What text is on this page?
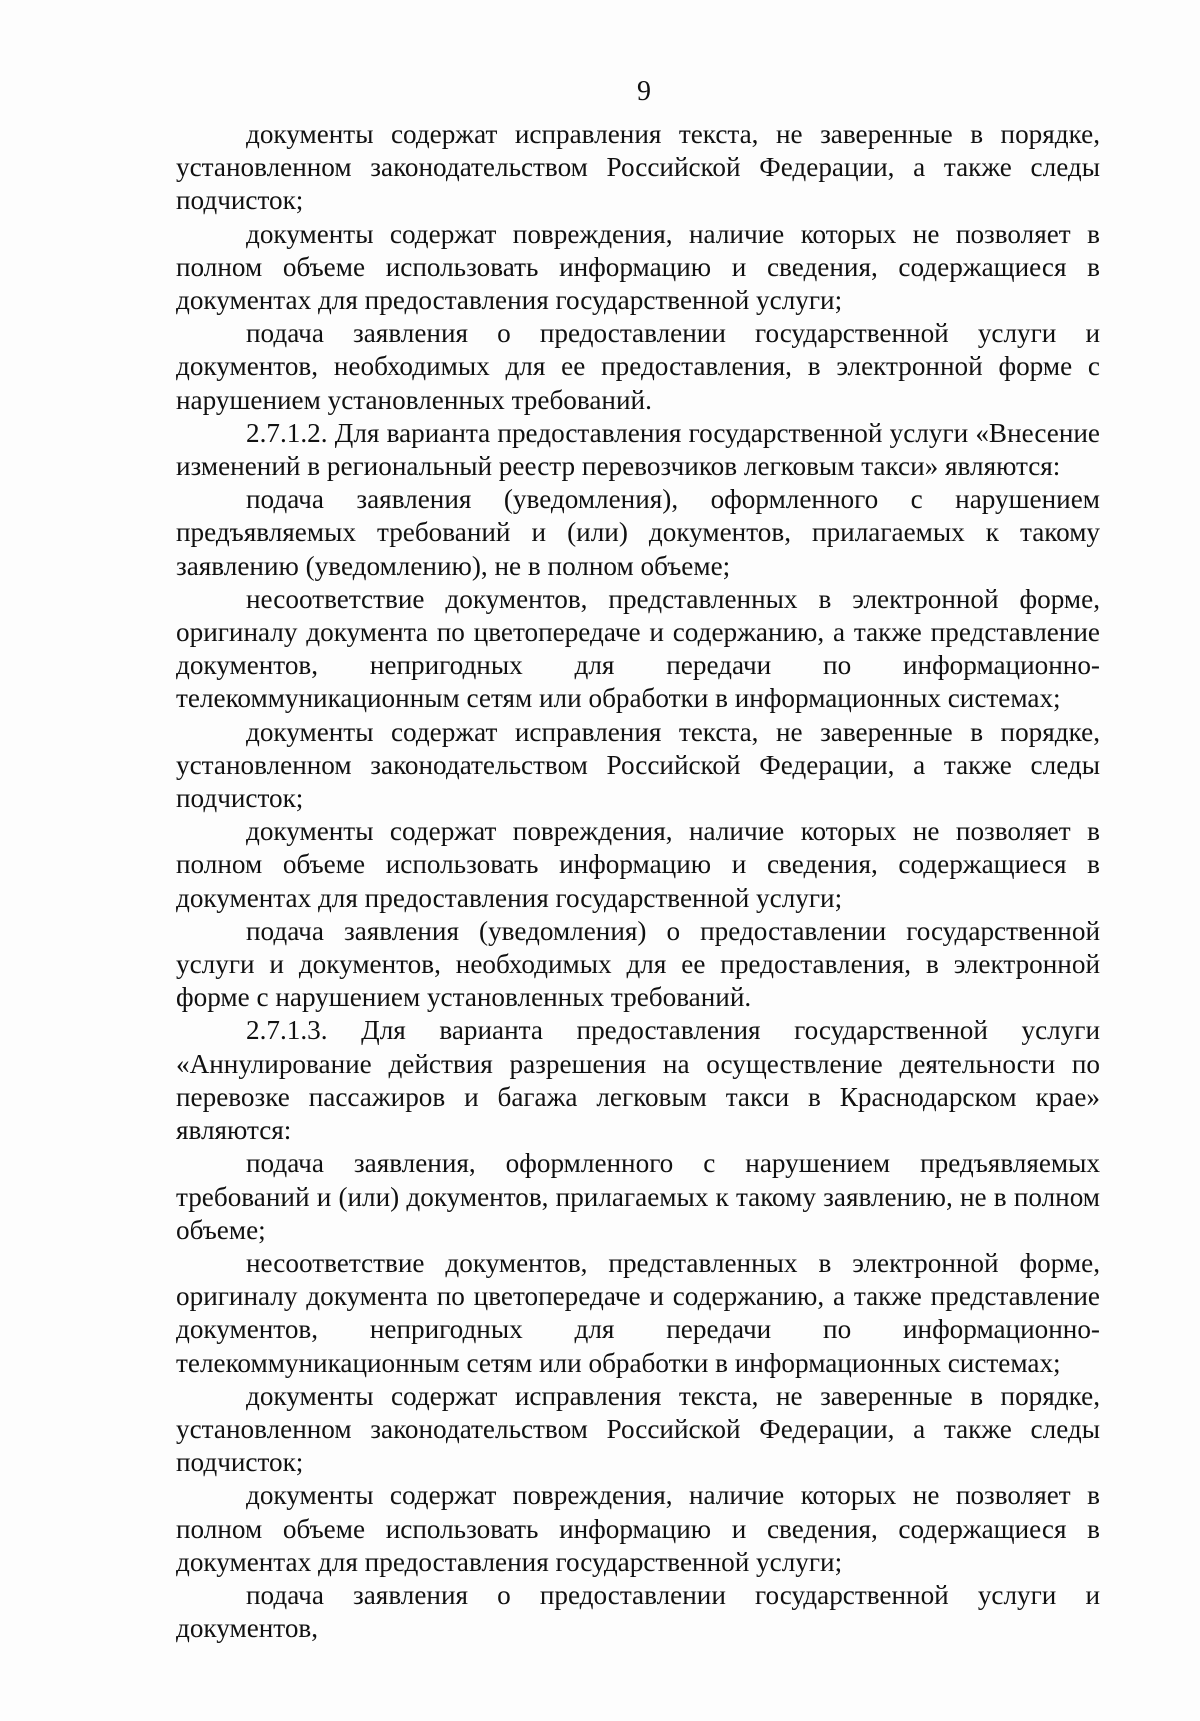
9

документы содержат исправления текста, не заверенные в порядке, установленном законодательством Российской Федерации, а также следы подчисток;

документы содержат повреждения, наличие которых не позволяет в полном объеме использовать информацию и сведения, содержащиеся в документах для предоставления государственной услуги;

подача заявления о предоставлении государственной услуги и документов, необходимых для ее предоставления, в электронной форме с нарушением установленных требований.

2.7.1.2. Для варианта предоставления государственной услуги «Внесение изменений в региональный реестр перевозчиков легковым такси» являются:

подача заявления (уведомления), оформленного с нарушением предъявляемых требований и (или) документов, прилагаемых к такому заявлению (уведомлению), не в полном объеме;

несоответствие документов, представленных в электронной форме, оригиналу документа по цветопередаче и содержанию, а также представление документов, непригодных для передачи по информационно-телекоммуникационным сетям или обработки в информационных системах;

документы содержат исправления текста, не заверенные в порядке, установленном законодательством Российской Федерации, а также следы подчисток;

документы содержат повреждения, наличие которых не позволяет в полном объеме использовать информацию и сведения, содержащиеся в документах для предоставления государственной услуги;

подача заявления (уведомления) о предоставлении государственной услуги и документов, необходимых для ее предоставления, в электронной форме с нарушением установленных требований.

2.7.1.3. Для варианта предоставления государственной услуги «Аннулирование действия разрешения на осуществление деятельности по перевозке пассажиров и багажа легковым такси в Краснодарском крае» являются:

подача заявления, оформленного с нарушением предъявляемых требований и (или) документов, прилагаемых к такому заявлению, не в полном объеме;

несоответствие документов, представленных в электронной форме, оригиналу документа по цветопередаче и содержанию, а также представление документов, непригодных для передачи по информационно-телекоммуникационным сетям или обработки в информационных системах;

документы содержат исправления текста, не заверенные в порядке, установленном законодательством Российской Федерации, а также следы подчисток;

документы содержат повреждения, наличие которых не позволяет в полном объеме использовать информацию и сведения, содержащиеся в документах для предоставления государственной услуги;

подача заявления о предоставлении государственной услуги и документов,
